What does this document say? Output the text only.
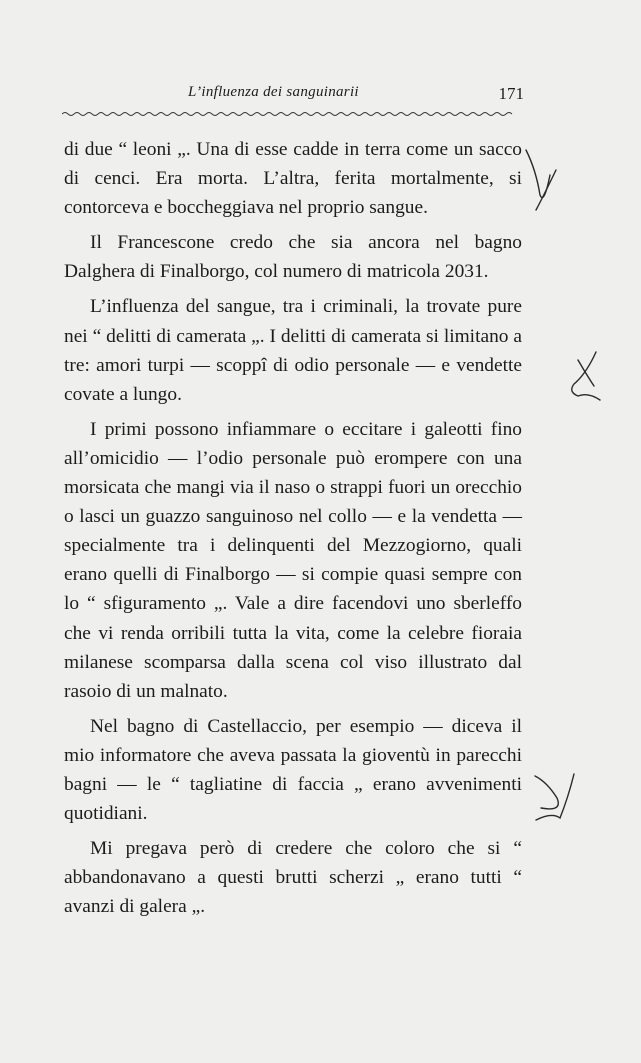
L’influenza dei sanguinarii	171

di due “ leoni „. Una di esse cadde in terra come un sacco di cenci. Era morta. L’altra, ferita mortalmente, si contorceva e boccheggiava nel proprio sangue.

Il Francescone credo che sia ancora nel bagno Dalghera di Finalborgo, col numero di matricola 2031.

L’influenza del sangue, tra i criminali, la trovate pure nei “ delitti di camerata „. I delitti di camerata si limitano a tre: amori turpi — scoppî di odio personale — e vendette covate a lungo.

I primi possono infiammare o eccitare i galeotti fino all’omicidio — l’odio personale può erompere con una morsicata che mangi via il naso o strappi fuori un orecchio o lasci un guazzo sanguinoso nel collo — e la vendetta — specialmente tra i delinquenti del Mezzogiorno, quali erano quelli di Finalborgo — si compie quasi sempre con lo “ sfiguramento „. Vale a dire facendovi uno sberleffo che vi renda orribili tutta la vita, come la celebre fioraia milanese scomparsa dalla scena col viso illustrato dal rasoio di un malnato.

Nel bagno di Castellaccio, per esempio — diceva il mio informatore che aveva passata la gioventù in parecchi bagni — le “ tagliatine di faccia „ erano avvenimenti quotidiani.

Mi pregava però di credere che coloro che si “ abbandonavano a questi brutti scherzi „ erano tutti “ avanzi di galera „.
